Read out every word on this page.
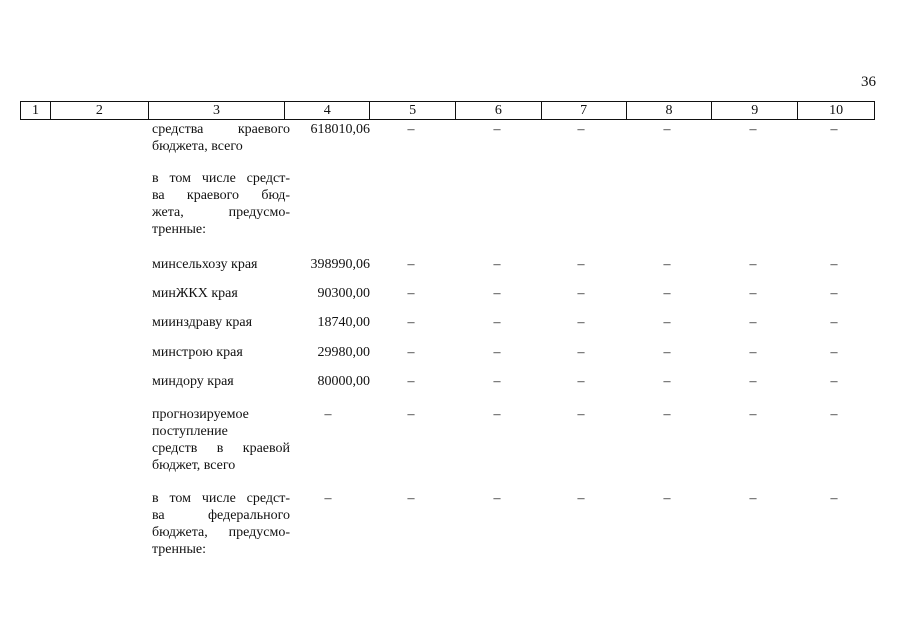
36
1	2	3	4	5	6	7	8	9	10
средства краевого
бюджета, всего
618010,06	–	–	–	–	–	–
в том числе средст-
ва краевого бюд-
жета, предусмо-
тренные:
минсельхозу края	398990,06	–	–	–	–	–	–
минЖКХ края	90300,00	–	–	–	–	–	–
миинздраву края	18740,00	–	–	–	–	–	–
минстрою края	29980,00	–	–	–	–	–	–
миндору края	80000,00	–	–	–	–	–	–
прогнозируемое
поступление
средств в краевой
бюджет, всего
–	–	–	–	–	–	–
в том числе средст-
ва федерального
бюджета, предусмо-
тренные:
–	–	–	–	–	–	–
